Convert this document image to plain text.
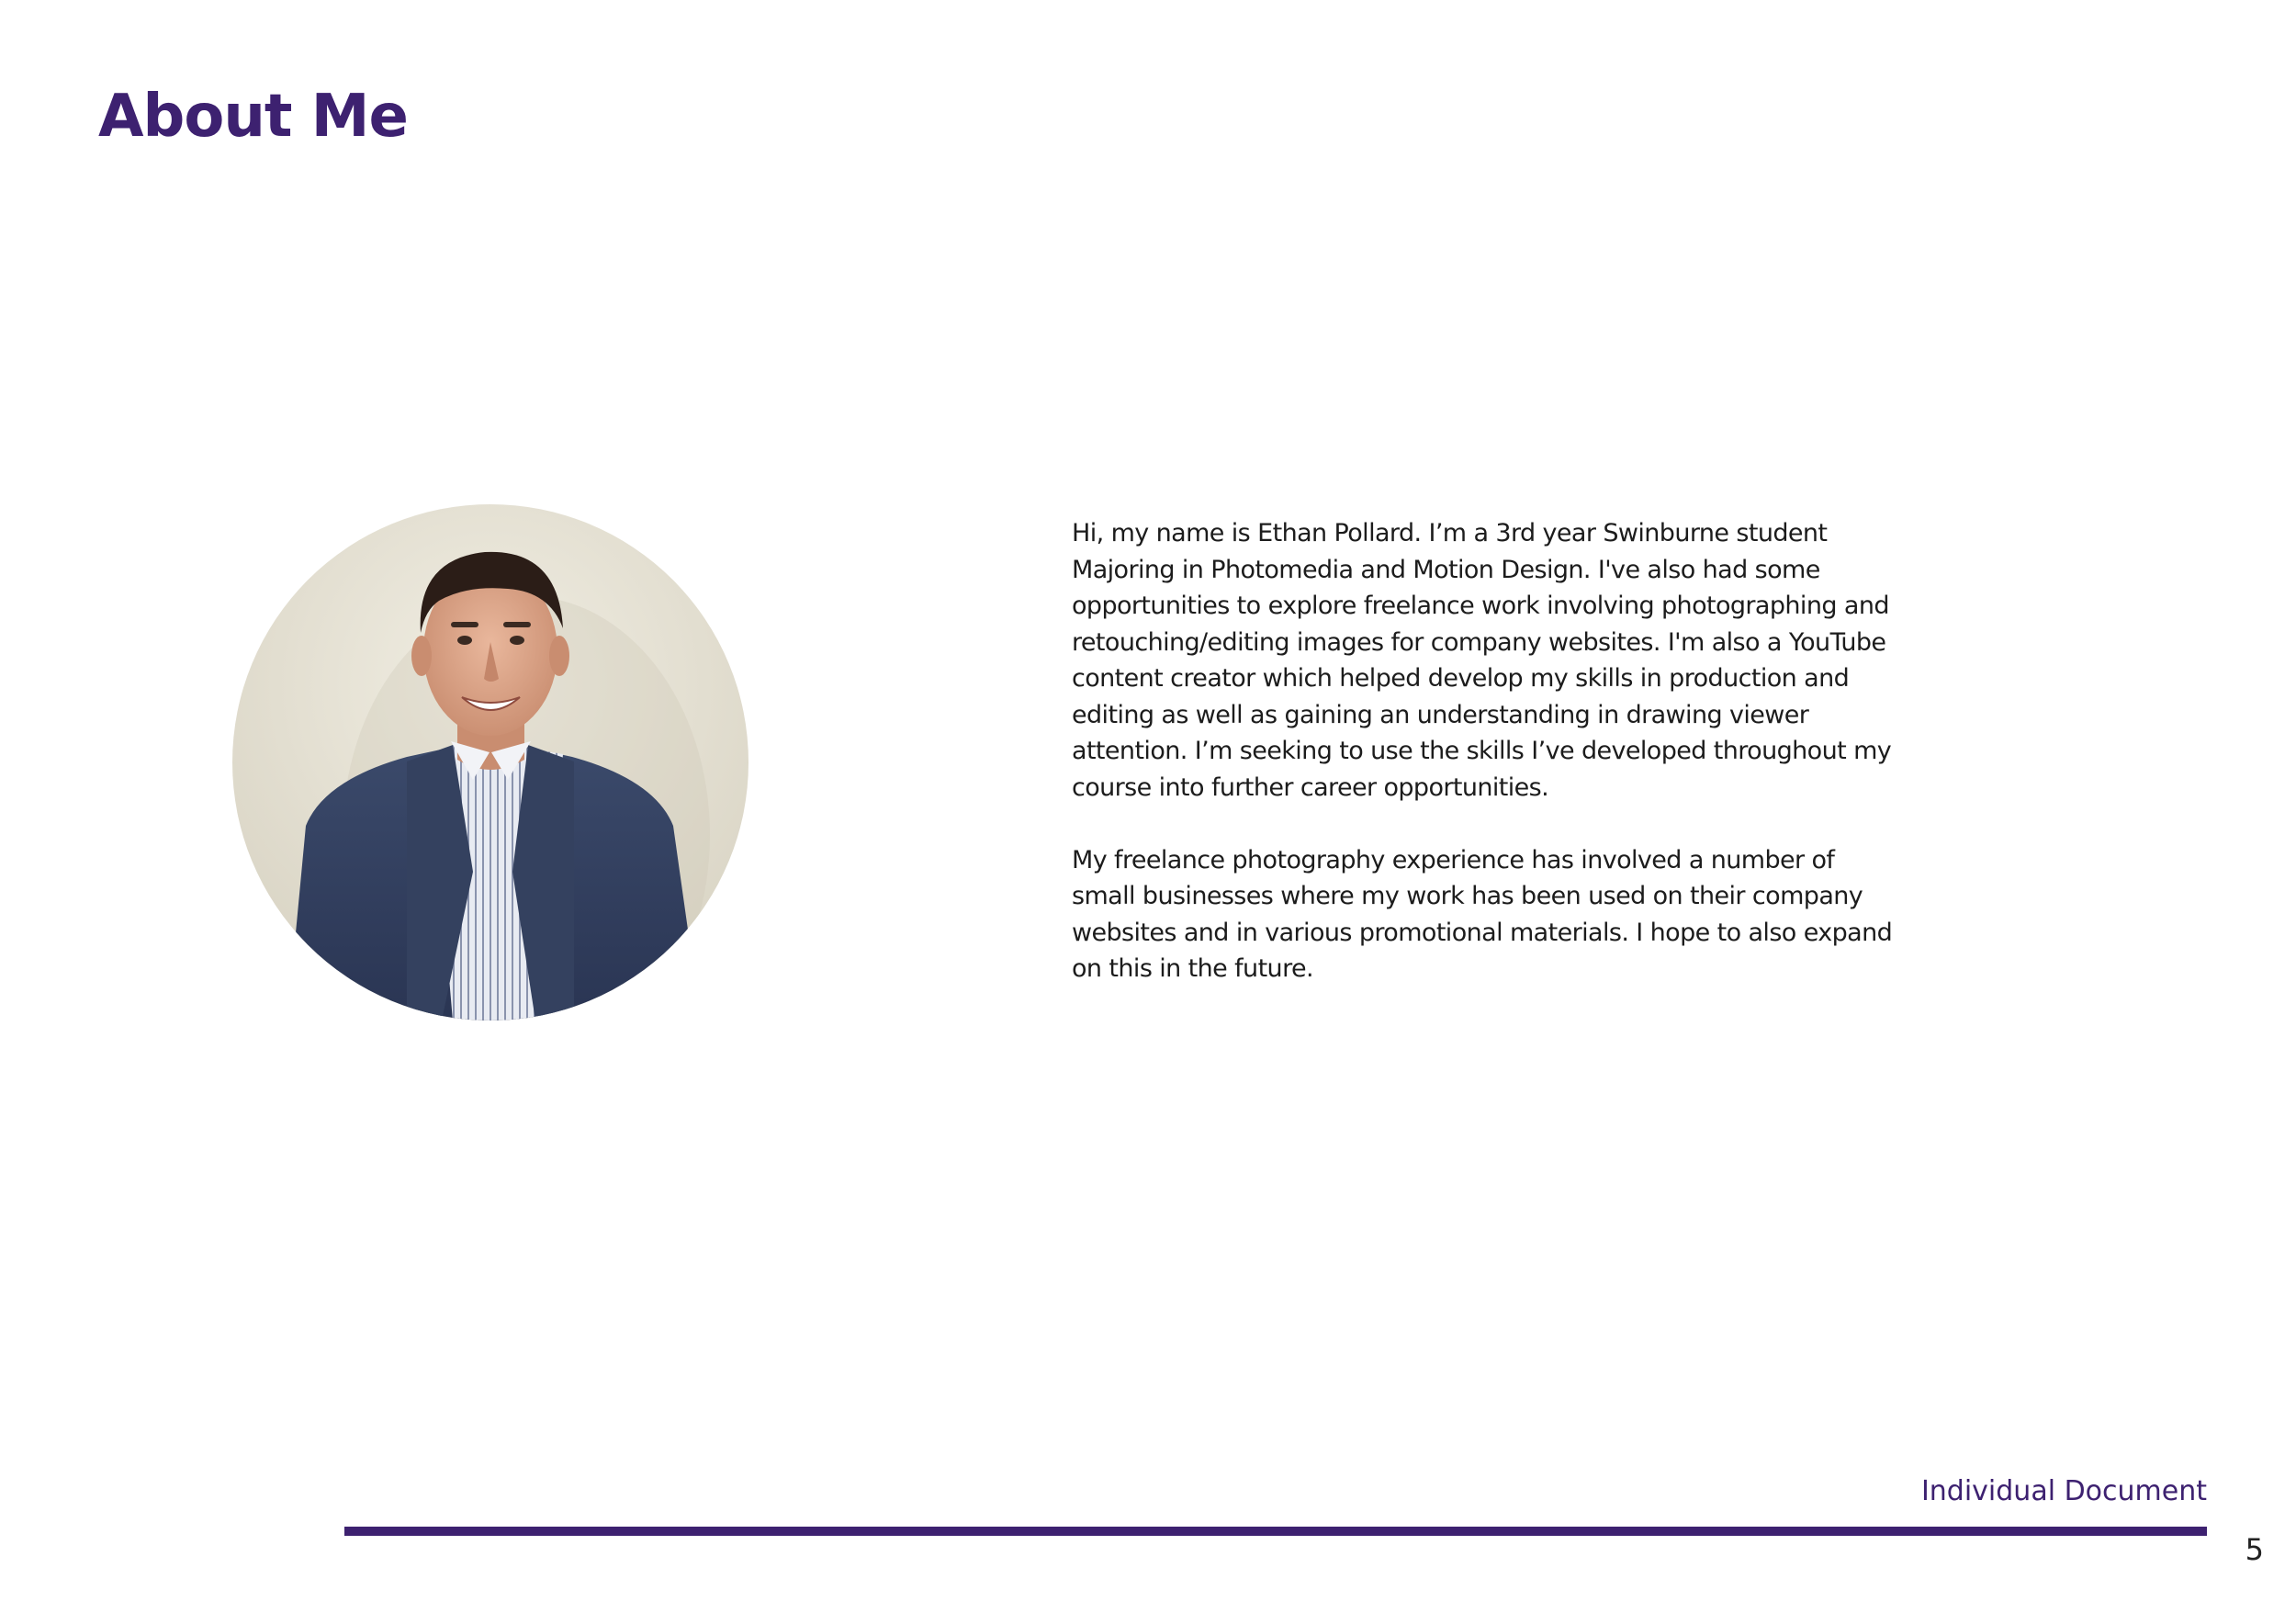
About Me

Hi, my name is Ethan Pollard. I’m a 3rd year Swinburne student Majoring in Photomedia and Motion Design. I've also had some opportunities to explore freelance work involving photographing and retouching/editing images for company websites. I'm also a YouTube content creator which helped develop my skills in production and editing as well as gaining an understanding in drawing viewer attention. I’m seeking to use the skills I’ve developed throughout my course into further career opportunities.

My freelance photography experience has involved a number of small businesses where my work has been used on their company websites and in various promotional materials. I hope to also expand on this in the future.

Individual Document
5
